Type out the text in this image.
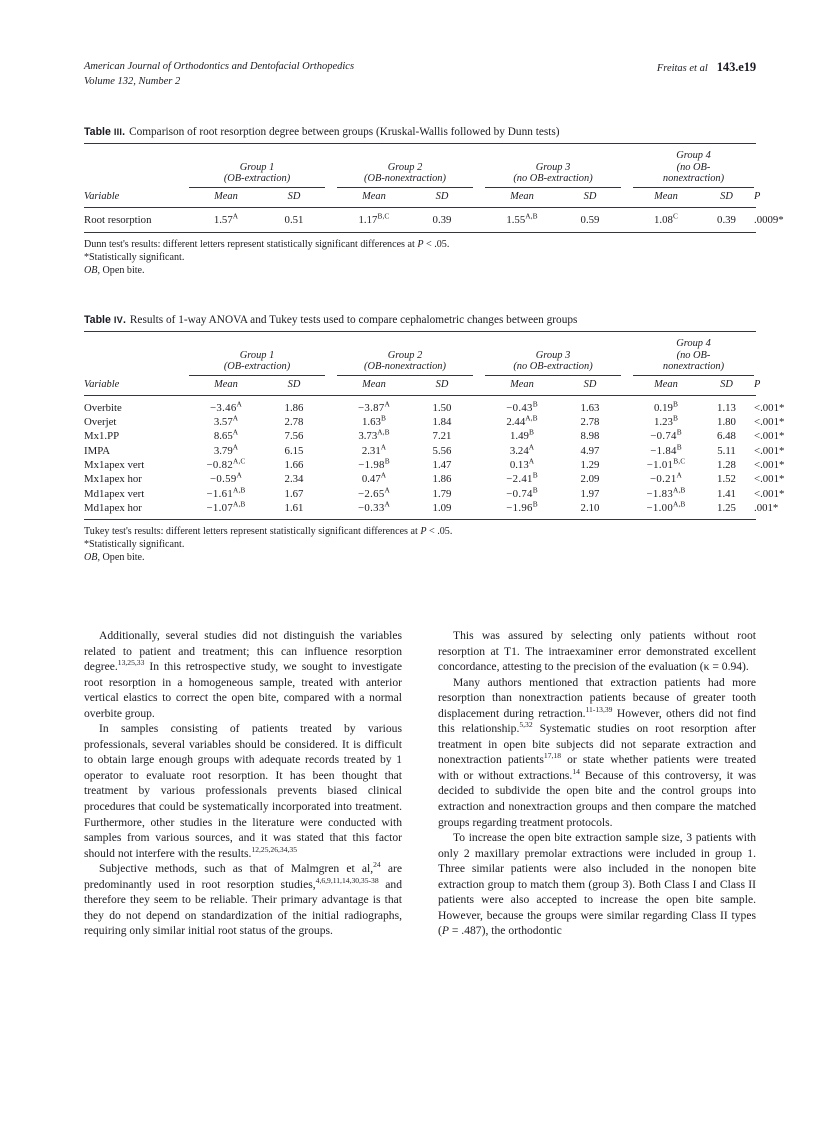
American Journal of Orthodontics and Dentofacial Orthopedics
Volume 132, Number 2
Freitas et al 143.e19
Table III. Comparison of root resorption degree between groups (Kruskal-Wallis followed by Dunn tests)

	Group 1
(OB-extraction)			Group 2
(OB-nonextraction)			Group 3
(no OB-extraction)			Group 4
(no OB-
nonextraction)		

Variable	Mean	SD		Mean	SD		Mean	SD		Mean	SD	P

Root resorption	$1.57^A$	0.51		$1.17^{B,C}$	0.39		$1.55^{A,B}$	0.59		$1.08^C$	0.39	.0009*

Dunn test's results: different letters represent statistically significant differences at P < .05.
*Statistically significant.
OB, Open bite.
Table IV. Results of 1-way ANOVA and Tukey tests used to compare cephalometric changes between groups

	Group 1
(OB-extraction)			Group 2
(OB-nonextraction)			Group 3
(no OB-extraction)			Group 4
(no OB-
nonextraction)		

Variable	Mean	SD		Mean	SD		Mean	SD		Mean	SD	P

Overbite	$-3.46^A$	1.86		$-3.87^A$	1.50		$-0.43^B$	1.63		$0.19^B$	1.13	<.001*
Overjet	$3.57^A$	2.78		$1.63^B$	1.84		$2.44^{A,B}$	2.78		$1.23^B$	1.80	<.001*
Mx1.PP	$8.65^A$	7.56		$3.73^{A,B}$	7.21		$1.49^B$	8.98		$-0.74^B$	6.48	<.001*
IMPA	$3.79^A$	6.15		$2.31^A$	5.56		$3.24^A$	4.97		$-1.84^B$	5.11	<.001*
Mx1apex vert	$-0.82^{A,C}$	1.66		$-1.98^B$	1.47		$0.13^A$	1.29		$-1.01^{B,C}$	1.28	<.001*
Mx1apex hor	$-0.59^A$	2.34		$0.47^A$	1.86		$-2.41^B$	2.09		$-0.21^A$	1.52	<.001*
Md1apex vert	$-1.61^{A,B}$	1.67		$-2.65^A$	1.79		$-0.74^B$	1.97		$-1.83^{A,B}$	1.41	<.001*
Md1apex hor	$-1.07^{A,B}$	1.61		$-0.33^A$	1.09		$-1.96^B$	2.10		$-1.00^{A,B}$	1.25	.001*

Tukey test's results: different letters represent statistically significant differences at P < .05.
*Statistically significant.
OB, Open bite.

Additionally, several studies did not distinguish the variables related to patient and treatment; this can influence resorption degree.$^{13,25,33}$ In this retrospective study, we sought to investigate root resorption in a homogeneous sample, treated with anterior vertical elastics to correct the open bite, compared with a normal overbite group.

In samples consisting of patients treated by various professionals, several variables should be considered. It is difficult to obtain large enough groups with adequate records treated by 1 operator to evaluate root resorption. It has been thought that treatment by various professionals prevents biased clinical procedures that could be systematically incorporated into treatment. Furthermore, other studies in the literature were conducted with samples from various sources, and it was stated that this factor should not interfere with the results.$^{12,25,26,34,35}$

Subjective methods, such as that of Malmgren et al,$^{24}$ are predominantly used in root resorption studies,$^{4,6,9,11,14,30,35-38}$ and therefore they seem to be reliable. Their primary advantage is that they do not depend on standardization of the initial radiographs, requiring only similar initial root status of the groups.

This was assured by selecting only patients without root resorption at T1. The intraexaminer error demonstrated excellent concordance, attesting to the precision of the evaluation (κ = 0.94).

Many authors mentioned that extraction patients had more resorption than nonextraction patients because of greater tooth displacement during retraction.$^{11-13,39}$ However, others did not find this relationship.$^{5,32}$ Systematic studies on root resorption after treatment in open bite subjects did not separate extraction and nonextraction patients$^{17,18}$ or state whether patients were treated with or without extractions.$^{14}$ Because of this controversy, it was decided to subdivide the open bite and the control groups into extraction and nonextraction groups and then compare the matched groups regarding treatment protocols.

To increase the open bite extraction sample size, 3 patients with only 2 maxillary premolar extractions were included in group 1. Three similar patients were also included in the nonopen bite extraction group to match them (group 3). Both Class I and Class II patients were also accepted to increase the open bite sample. However, because the groups were similar regarding Class II types (P = .487), the orthodontic
